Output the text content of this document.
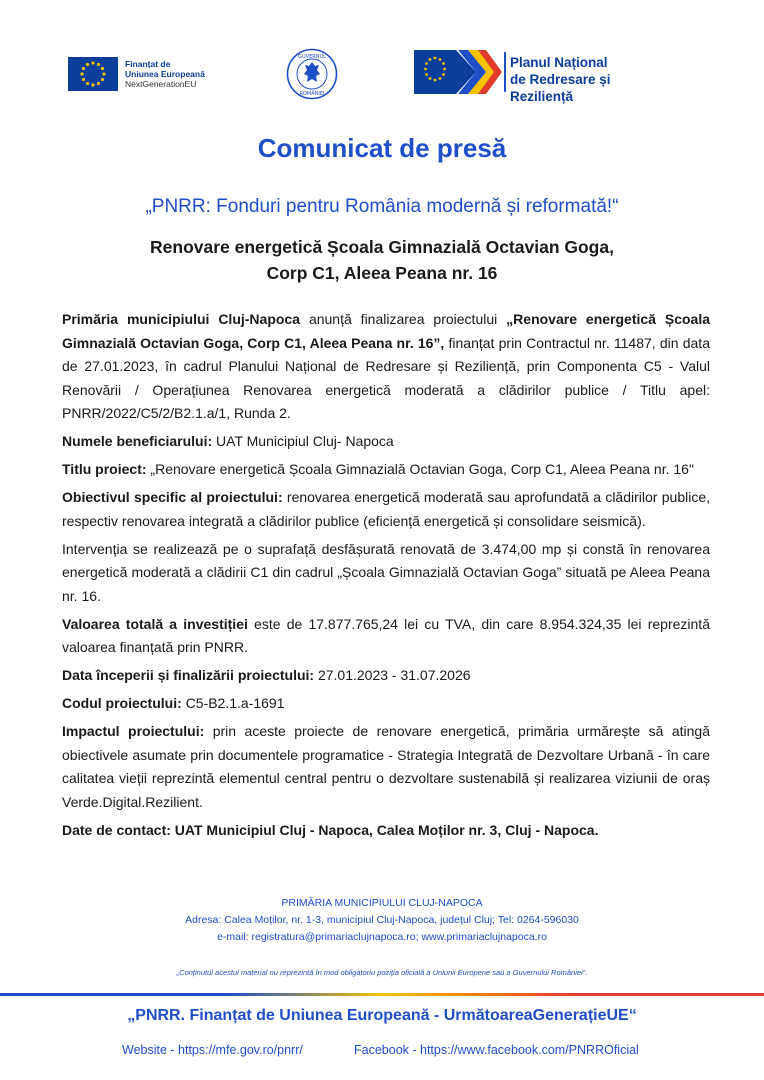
Finanțat de
Uniunea Europeană
NextGenerationEU
GUVERNUL
ROMÂNIEI
Planul Național
de Redresare și Reziliență
Comunicat de presă
„PNRR: Fonduri pentru România modernă și reformată!“
Renovare energetică Școala Gimnazială Octavian Goga,
Corp C1, Aleea Peana nr. 16

Primăria municipiului Cluj-Napoca anunță finalizarea proiectului „Renovare energetică Școala Gimnazială Octavian Goga, Corp C1, Aleea Peana nr. 16”, finanțat prin Contractul nr. 11487, din data de 27.01.2023, în cadrul Planului Național de Redresare și Reziliență, prin Componenta C5 - Valul Renovării / Operațiunea Renovarea energetică moderată a clădirilor publice / Titlu apel: PNRR/2022/C5/2/B2.1.a/1, Runda 2.

Numele beneficiarului: UAT Municipiul Cluj- Napoca

Titlu proiect: „Renovare energetică Școala Gimnazială Octavian Goga, Corp C1, Aleea Peana nr. 16"

Obiectivul specific al proiectului: renovarea energetică moderată sau aprofundată a clădirilor publice, respectiv renovarea integrată a clădirilor publice (eficiență energetică și consolidare seismică).

Intervenția se realizează pe o suprafață desfășurată renovată de 3.474,00 mp și constă în renovarea energetică moderată a clădirii C1 din cadrul „Școala Gimnazială Octavian Goga” situată pe Aleea Peana nr. 16.

Valoarea totală a investiției este de 17.877.765,24 lei cu TVA, din care 8.954.324,35 lei reprezintă valoarea finanțată prin PNRR.

Data începerii și finalizării proiectului: 27.01.2023 - 31.07.2026

Codul proiectului: C5-B2.1.a-1691

Impactul proiectului: prin aceste proiecte de renovare energetică, primăria urmărește să atingă obiectivele asumate prin documentele programatice - Strategia Integrată de Dezvoltare Urbană - în care calitatea vieții reprezintă elementul central pentru o dezvoltare sustenabilă și realizarea viziunii de oraș Verde.Digital.Rezilient.

Date de contact: UAT Municipiul Cluj - Napoca, Calea Moților nr. 3, Cluj - Napoca.

PRIMĂRIA MUNICIPIULUI CLUJ-NAPOCA
Adresa: Calea Moților, nr. 1-3, municipiul Cluj-Napoca, județul Cluj; Tel: 0264-596030
e-mail: registratura@primariaclujnapoca.ro; www.primariaclujnapoca.ro
„Conținutul acestui material nu reprezintă în mod obligatoriu poziția oficială a Uniunii Europene sau a Guvernului României“.
„PNRR. Finanțat de Uniunea Europeană - UrmătoareaGenerațieUE“
Website - https://mfe.gov.ro/pnrr/	Facebook - https://www.facebook.com/PNRROficial
